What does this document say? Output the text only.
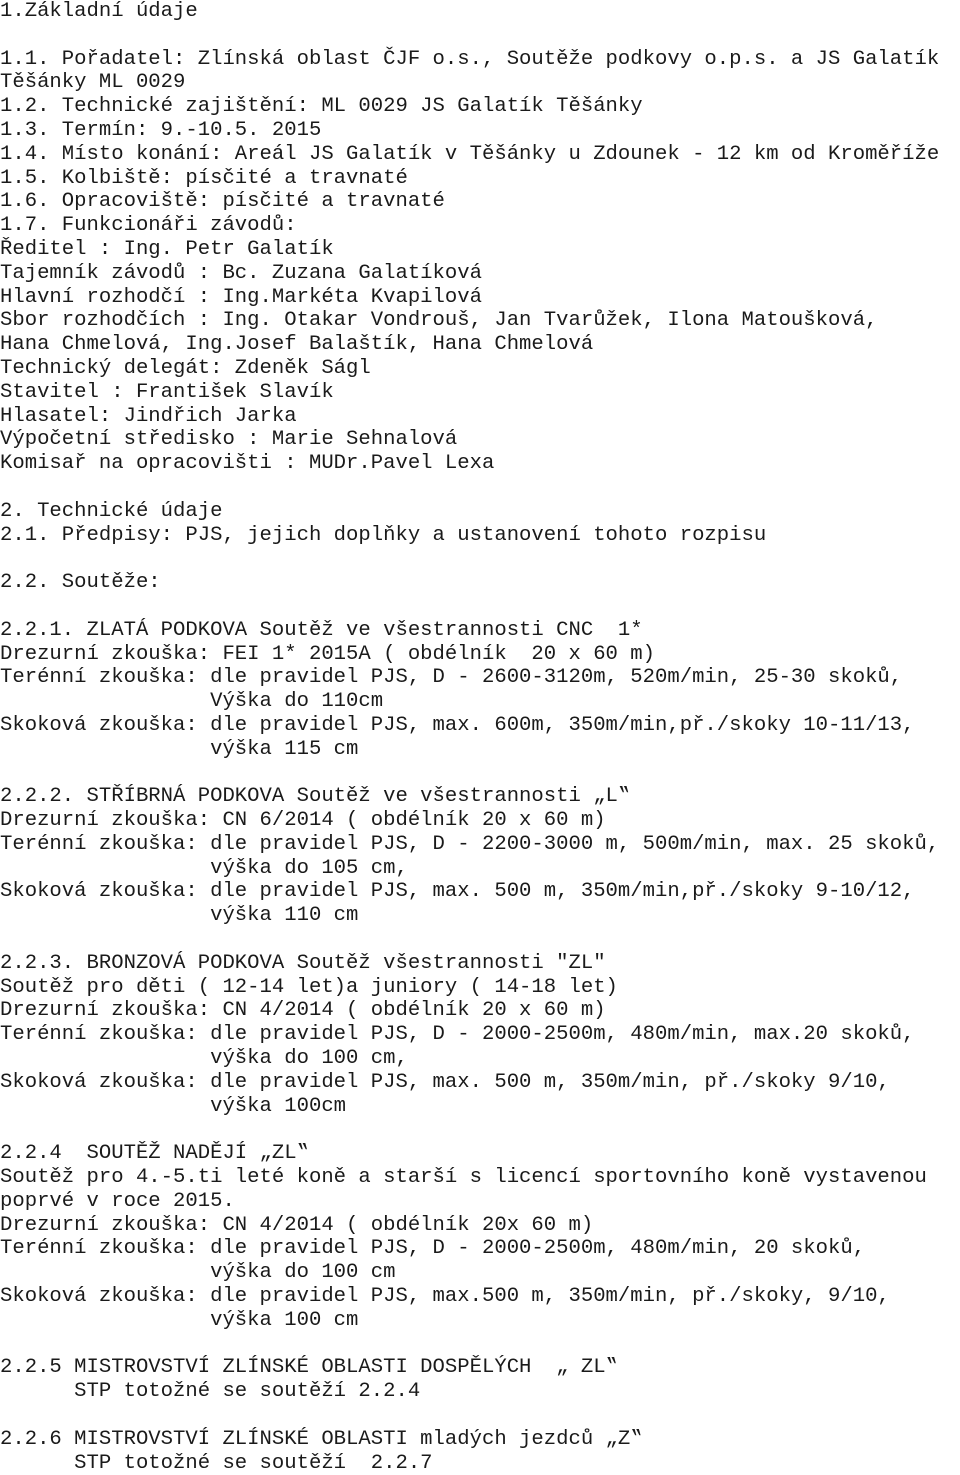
1.Základní údaje
1.1. Pořadatel: Zlínská oblast ČJF o.s., Soutěže podkovy o.p.s. a JS Galatík
Těšánky ML 0029
1.2. Technické zajištění: ML 0029 JS Galatík Těšánky
1.3. Termín: 9.-10.5. 2015
1.4. Místo konání: Areál JS Galatík v Těšánky u Zdounek - 12 km od Kroměříže
1.5. Kolbiště: písčité a travnaté
1.6. Opracoviště: písčité a travnaté
1.7. Funkcionáři závodů:
Ředitel : Ing. Petr Galatík
Tajemník závodů : Bc. Zuzana Galatíková
Hlavní rozhodčí : Ing.Markéta Kvapilová
Sbor rozhodčích : Ing. Otakar Vondrouš, Jan Tvarůžek, Ilona Matoušková,
Hana Chmelová, Ing.Josef Balaštík, Hana Chmelová
Technický delegát: Zdeněk Ságl
Stavitel : František Slavík
Hlasatel: Jindřich Jarka
Výpočetní středisko : Marie Sehnalová
Komisař na opracovišti : MUDr.Pavel Lexa
2. Technické údaje
2.1. Předpisy: PJS, jejich doplňky a ustanovení tohoto rozpisu
2.2. Soutěže:
2.2.1. ZLATÁ PODKOVA Soutěž ve všestrannosti CNC  1*
Drezurní zkouška: FEI 1* 2015A ( obdélník  20 x 60 m)
Terénní zkouška: dle pravidel PJS, D - 2600-3120m, 520m/min, 25-30 skoků,
Výška do 110cm
Skoková zkouška: dle pravidel PJS, max. 600m, 350m/min,př./skoky 10-11/13,
výška 115 cm
2.2.2. STŘÍBRNÁ PODKOVA Soutěž ve všestrannosti „L‟
Drezurní zkouška: CN 6/2014 ( obdélník 20 x 60 m)
Terénní zkouška: dle pravidel PJS, D - 2200-3000 m, 500m/min, max. 25 skoků,
výška do 105 cm,
Skoková zkouška: dle pravidel PJS, max. 500 m, 350m/min,př./skoky 9-10/12,
výška 110 cm
2.2.3. BRONZOVÁ PODKOVA Soutěž všestrannosti "ZL"
Soutěž pro děti ( 12-14 let)a juniory ( 14-18 let)
Drezurní zkouška: CN 4/2014 ( obdélník 20 x 60 m)
Terénní zkouška: dle pravidel PJS, D - 2000-2500m, 480m/min, max.20 skoků,
výška do 100 cm,
Skoková zkouška: dle pravidel PJS, max. 500 m, 350m/min, př./skoky 9/10,
výška 100cm
2.2.4  SOUTĚŽ NADĚJÍ „ZL‟
Soutěž pro 4.-5.ti leté koně a starší s licencí sportovního koně vystavenou
poprvé v roce 2015.
Drezurní zkouška: CN 4/2014 ( obdélník 20x 60 m)
Terénní zkouška: dle pravidel PJS, D - 2000-2500m, 480m/min, 20 skoků,
výška do 100 cm
Skoková zkouška: dle pravidel PJS, max.500 m, 350m/min, př./skoky, 9/10,
výška 100 cm
2.2.5 MISTROVSTVÍ ZLÍNSKÉ OBLASTI DOSPĚLÝCH  „ ZL‟
STP totožné se soutěží 2.2.4
2.2.6 MISTROVSTVÍ ZLÍNSKÉ OBLASTI mladých jezdců „Z‟
STP totožné se soutěží  2.2.7
